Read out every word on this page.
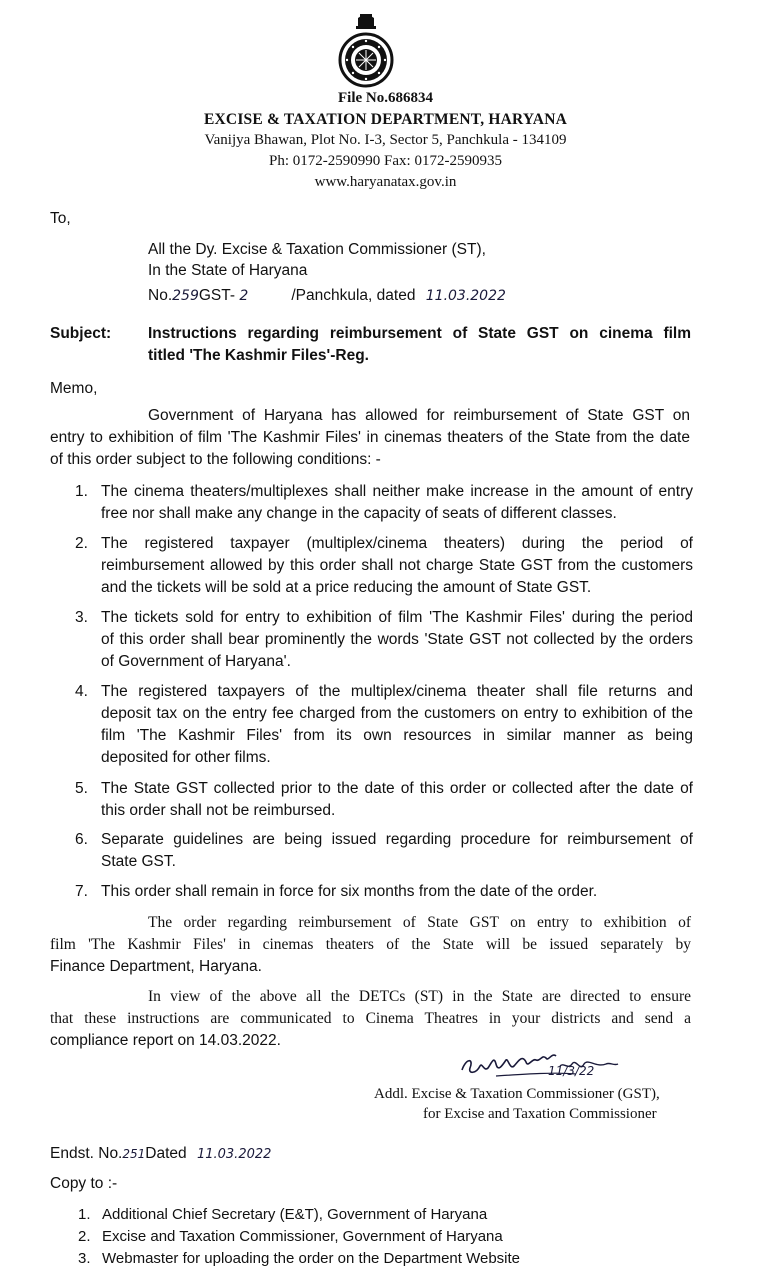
File No.686834
EXCISE & TAXATION DEPARTMENT, HARYANA
Vanijya Bhawan, Plot No. I-3, Sector 5, Panchkula - 134109
Ph: 0172-2590990 Fax: 0172-2590935
www.haryanatax.gov.in
To,
All the Dy. Excise & Taxation Commissioner (ST),
In the State of Haryana
No.259GST- 2	/Panchkula, dated 11.03.2022
Subject: Instructions regarding reimbursement of State GST on cinema film
titled 'The Kashmir Files'-Reg.
Memo,
Government of Haryana has allowed for reimbursement of State GST on
entry to exhibition of film 'The Kashmir Files' in cinemas theaters of the State from the date
of this order subject to the following conditions: -
1. The cinema theaters/multiplexes shall neither make increase in the amount of entry
free nor shall make any change in the capacity of seats of different classes.
2. The registered taxpayer (multiplex/cinema theaters) during the period of
reimbursement allowed by this order shall not charge State GST from the customers
and the tickets will be sold at a price reducing the amount of State GST.
3. The tickets sold for entry to exhibition of film 'The Kashmir Files' during the period
of this order shall bear prominently the words 'State GST not collected by the orders
of Government of Haryana'.
4. The registered taxpayers of the multiplex/cinema theater shall file returns and
deposit tax on the entry fee charged from the customers on entry to exhibition of the
film 'The Kashmir Files' from its own resources in similar manner as being
deposited for other films.
5. The State GST collected prior to the date of this order or collected after the date of
this order shall not be reimbursed.
6. Separate guidelines are being issued regarding procedure for reimbursement of
State GST.
7. This order shall remain in force for six months from the date of the order.
The order regarding reimbursement of State GST on entry to exhibition of
film 'The Kashmir Files' in cinemas theaters of the State will be issued separately by
Finance Department, Haryana.
In view of the above all the DETCs (ST) in the State are directed to ensure
that these instructions are communicated to Cinema Theatres in your districts and send a
compliance report on 14.03.2022.
11/3/22
Addl. Excise & Taxation Commissioner (GST),
for Excise and Taxation Commissioner
Endst. No.251Dated 11.03.2022
Copy to :-
1. Additional Chief Secretary (E&T), Government of Haryana
2. Excise and Taxation Commissioner, Government of Haryana
3. Webmaster for uploading the order on the Department Website
